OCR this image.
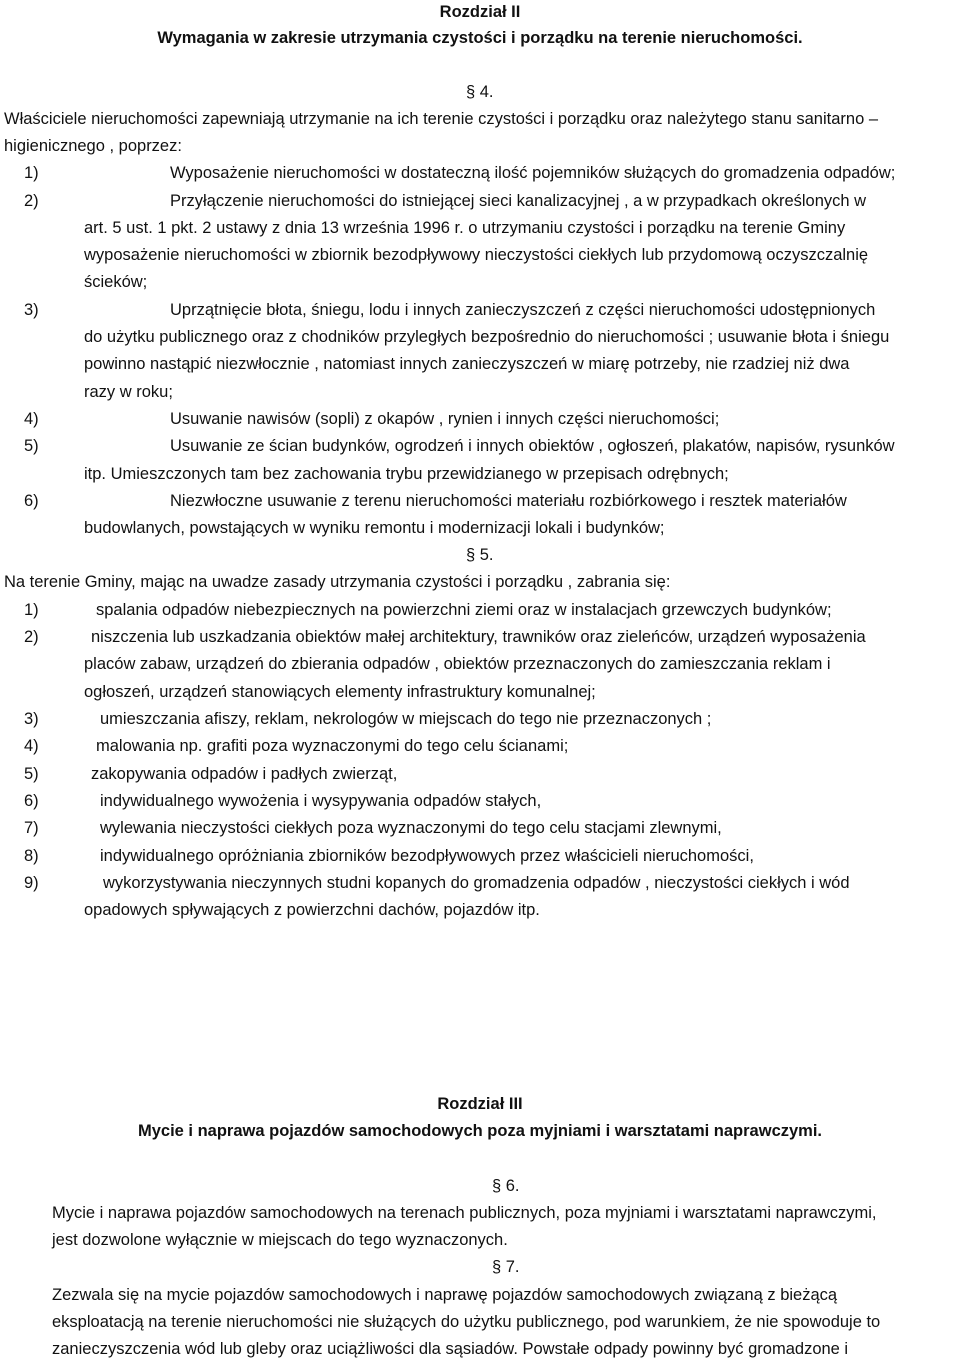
Rozdział II
Wymagania w zakresie utrzymania czystości i porządku na terenie nieruchomości.
§ 4.
Właściciele nieruchomości zapewniają utrzymanie na ich terenie czystości i porządku oraz należytego stanu sanitarno –
higienicznego , poprzez:
1)	Wyposażenie nieruchomości w dostateczną ilość pojemników służących do gromadzenia odpadów;
2)	Przyłączenie nieruchomości do istniejącej sieci kanalizacyjnej , a w przypadkach określonych w
art. 5 ust. 1 pkt. 2 ustawy z dnia 13 września 1996 r. o utrzymaniu czystości i porządku na terenie Gminy
wyposażenie nieruchomości w zbiornik bezodpływowy nieczystości ciekłych lub przydomową oczyszczalnię
ścieków;
3)	Uprzątnięcie błota, śniegu, lodu i innych zanieczyszczeń z części nieruchomości udostępnionych
do użytku publicznego oraz z chodników przyległych bezpośrednio do nieruchomości ; usuwanie błota i śniegu
powinno nastąpić niezwłocznie , natomiast innych zanieczyszczeń w miarę potrzeby, nie rzadziej niż dwa
razy w roku;
4)	Usuwanie nawisów (sopli) z okapów , rynien i innych części nieruchomości;
5)	Usuwanie ze ścian budynków, ogrodzeń i innych obiektów , ogłoszeń, plakatów, napisów, rysunków
itp. Umieszczonych tam bez zachowania trybu przewidzianego w przepisach odrębnych;
6)	Niezwłoczne usuwanie z terenu nieruchomości materiału rozbiórkowego i resztek materiałów
budowlanych, powstających w wyniku remontu i modernizacji lokali i budynków;
§ 5.
Na terenie Gminy, mając na uwadze zasady utrzymania czystości i porządku , zabrania się:
1)	spalania odpadów niebezpiecznych na powierzchni ziemi oraz w instalacjach grzewczych budynków;
2)	niszczenia lub uszkadzania obiektów małej architektury, trawników oraz zieleńców, urządzeń wyposażenia
placów zabaw, urządzeń do zbierania odpadów , obiektów przeznaczonych do zamieszczania reklam i
ogłoszeń, urządzeń stanowiących elementy infrastruktury komunalnej;
3)	umieszczania afiszy, reklam, nekrologów w miejscach do tego nie przeznaczonych ;
4)	malowania np. grafiti poza wyznaczonymi do tego celu ścianami;
5)	zakopywania odpadów i padłych zwierząt,
6)	indywidualnego wywożenia i wysypywania odpadów stałych,
7)	wylewania nieczystości ciekłych poza wyznaczonymi do tego celu stacjami zlewnymi,
8)	indywidualnego opróżniania zbiorników bezodpływowych przez właścicieli nieruchomości,
9)	wykorzystywania nieczynnych studni kopanych do gromadzenia odpadów , nieczystości ciekłych i wód
opadowych spływających z powierzchni dachów, pojazdów itp.
Rozdział III
Mycie i naprawa pojazdów samochodowych poza myjniami i warsztatami naprawczymi.
§ 6.
Mycie i naprawa pojazdów samochodowych na terenach publicznych, poza myjniami i warsztatami naprawczymi,
jest dozwolone wyłącznie w miejscach do tego wyznaczonych.
§ 7.
Zezwala się na mycie pojazdów samochodowych i naprawę pojazdów samochodowych związaną z bieżącą
eksploatacją na terenie nieruchomości nie służących do użytku publicznego, pod warunkiem, że nie spowoduje to
zanieczyszczenia wód lub gleby oraz uciążliwości dla sąsiadów. Powstałe odpady powinny być gromadzone i
